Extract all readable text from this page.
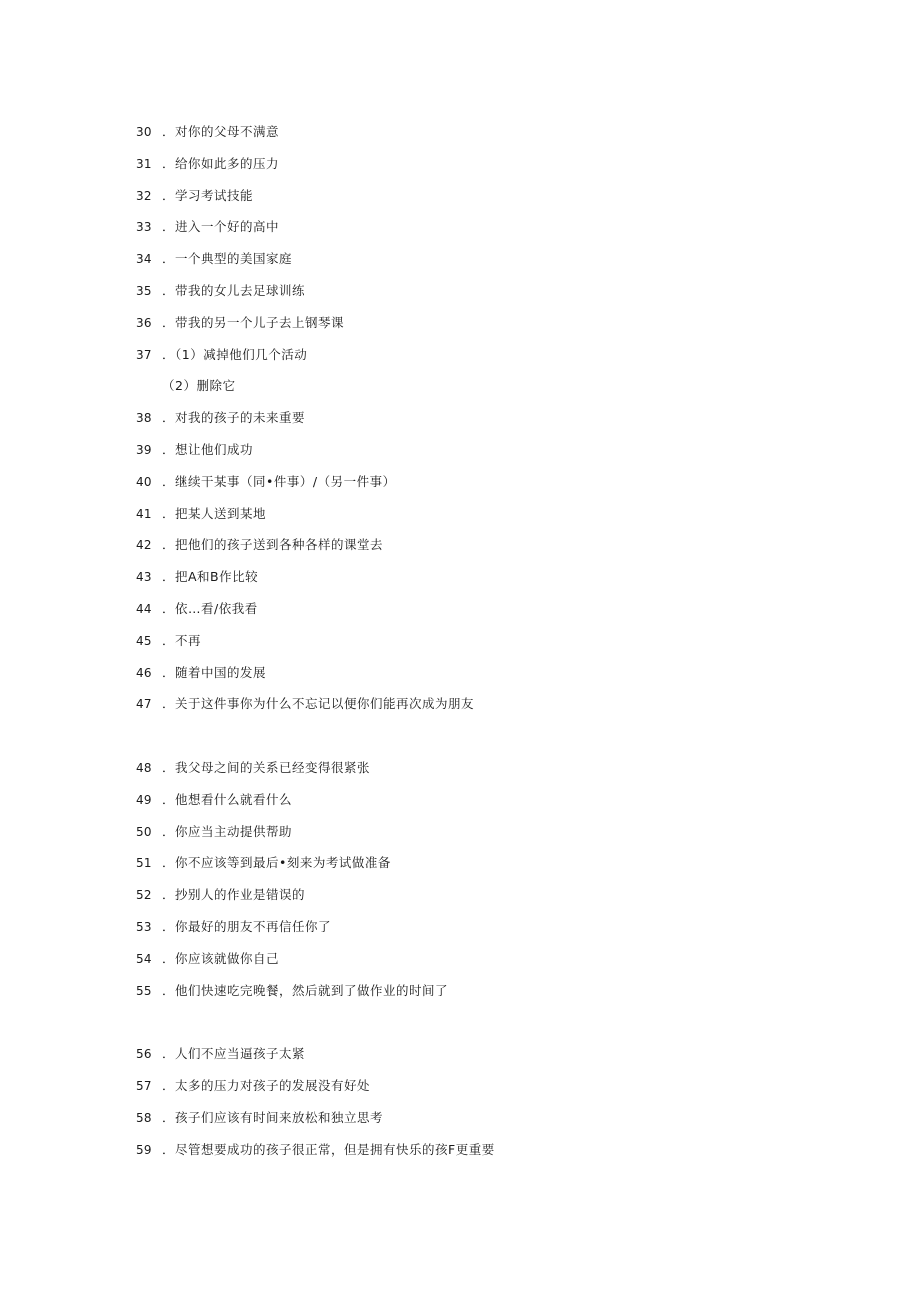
30 ．对你的父母不满意
31 ．给你如此多的压力
32 ．学习考试技能
33 ．进入一个好的高中
34 ．一个典型的美国家庭
35 ．带我的女儿去足球训练
36 ．带我的另一个儿子去上钢琴课
37 ．（1）减掉他们几个活动
（2）删除它
38 ．对我的孩子的未来重要
39 ．想让他们成功
40 ．继续干某事（同•件事）/（另一件事）
41 ．把某人送到某地
42 ．把他们的孩子送到各种各样的课堂去
43 ．把A和B作比较
44 ．依…看/依我看
45 ．不再
46 ．随着中国的发展
47 ．关于这件事你为什么不忘记以便你们能再次成为朋友
48 ．我父母之间的关系已经变得很紧张
49 ．他想看什么就看什么
50 ．你应当主动提供帮助
51 ．你不应该等到最后•刻来为考试做准备
52 ．抄别人的作业是错误的
53 ．你最好的朋友不再信任你了
54 ．你应该就做你自己
55 ．他们快速吃完晚餐，然后就到了做作业的时间了
56 ．人们不应当逼孩子太紧
57 ．太多的压力对孩子的发展没有好处
58 ．孩子们应该有时间来放松和独立思考
59 ．尽管想要成功的孩子很正常，但是拥有快乐的孩F更重要
